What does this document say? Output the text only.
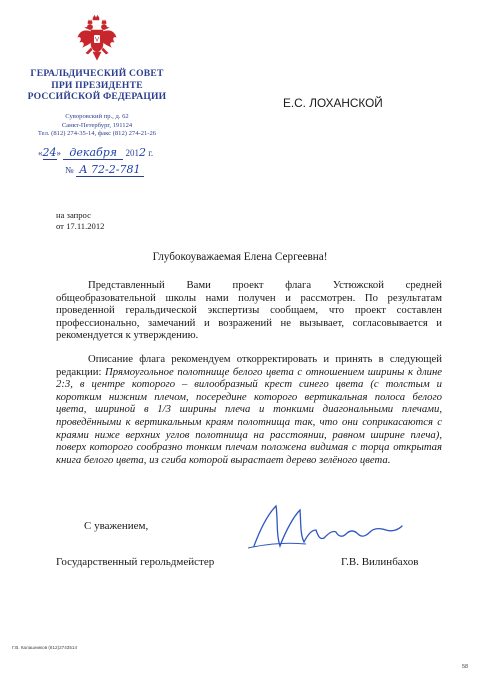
ГЕРАЛЬДИЧЕСКИЙ СОВЕТ
ПРИ ПРЕЗИДЕНТЕ
РОССИЙСКОЙ ФЕДЕРАЦИИ
Суворовский пр., д. 62
Санкт-Петербург, 191124
Тел. (812) 274-35-14, факс (812) 274-21-26
«24» декабря 2012 г.
№ А 72-2-781
Е.С. ЛОХАНСКОЙ
на запрос
от 17.11.2012
Глубокоуважаемая Елена Сергеевна!

Представленный Вами проект флага Устюжской средней общеобразовательной школы нами получен и рассмотрен. По результатам проведенной геральдической экспертизы сообщаем, что проект составлен профессионально, замечаний и возражений не вызывает, согласовывается и рекомендуется к утверждению.

Описание флага рекомендуем откорректировать и принять в следующей редакции: Прямоугольное полотнище белого цвета с отношением ширины к длине 2:3, в центре которого – вилообразный крест синего цвета (с толстым и коротким нижним плечом, посередине которого вертикальная полоса белого цвета, шириной в 1/3 ширины плеча и тонкими диагональными плечами, проведёнными к вертикальным краям полотнища так, что они соприкасаются с краями ниже верхних углов полотнища на расстоянии, равном ширине плеча), поверх которого сообразно тонким плечам положена видимая с торца открытая книга белого цвета, из сгиба которой вырастает дерево зелёного цвета.

С уважением,
Государственный герольдмейстер	Г.В. Вилинбахов
Г.В. Калашников (812)2743514
58
